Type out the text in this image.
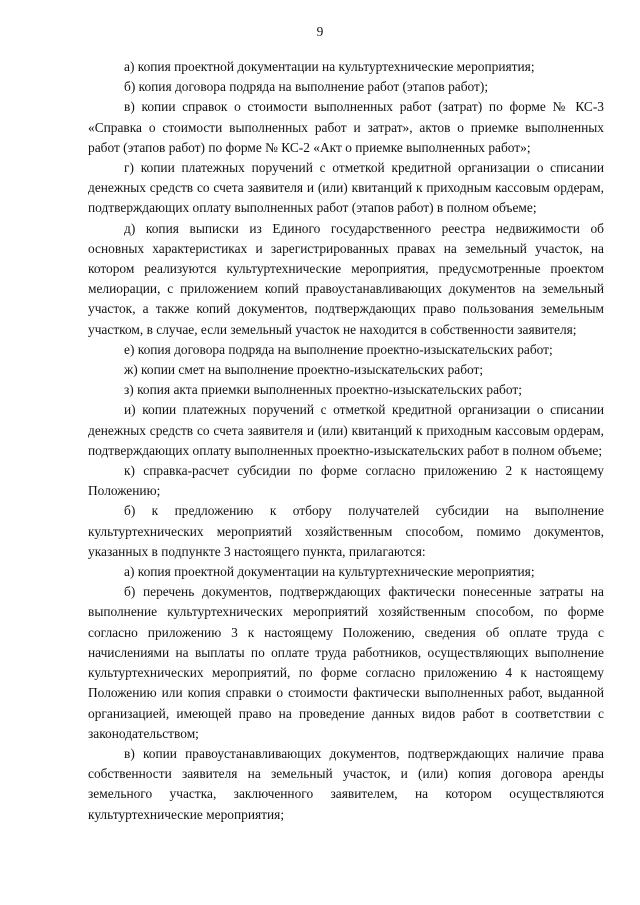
9

а) копия проектной документации на культуртехнические мероприятия;

б) копия договора подряда на выполнение работ (этапов работ);

в) копии справок о стоимости выполненных работ (затрат) по форме № КС-3 «Справка о стоимости выполненных работ и затрат», актов о приемке выполненных работ (этапов работ) по форме № КС-2 «Акт о приемке выполненных работ»;

г) копии платежных поручений с отметкой кредитной организации о списании денежных средств со счета заявителя и (или) квитанций к приходным кассовым ордерам, подтверждающих оплату выполненных работ (этапов работ) в полном объеме;

д) копия выписки из Единого государственного реестра недвижимости об основных характеристиках и зарегистрированных правах на земельный участок, на котором реализуются культуртехнические мероприятия, предусмотренные проектом мелиорации, с приложением копий правоустанавливающих документов на земельный участок, а также копий документов, подтверждающих право пользования земельным участком, в случае, если земельный участок не находится в собственности заявителя;

е) копия договора подряда на выполнение проектно-изыскательских работ;

ж) копии смет на выполнение проектно-изыскательских работ;

з) копия акта приемки выполненных проектно-изыскательских работ;

и) копии платежных поручений с отметкой кредитной организации о списании денежных средств со счета заявителя и (или) квитанций к приходным кассовым ордерам, подтверждающих оплату выполненных проектно-изыскательских работ в полном объеме;

к) справка-расчет субсидии по форме согласно приложению 2 к настоящему Положению;

б) к предложению к отбору получателей субсидии на выполнение культуртехнических мероприятий хозяйственным способом, помимо документов, указанных в подпункте 3 настоящего пункта, прилагаются:

а) копия проектной документации на культуртехнические мероприятия;

б) перечень документов, подтверждающих фактически понесенные затраты на выполнение культуртехнических мероприятий хозяйственным способом, по форме согласно приложению 3 к настоящему Положению, сведения об оплате труда с начислениями на выплаты по оплате труда работников, осуществляющих выполнение культуртехнических мероприятий, по форме согласно приложению 4 к настоящему Положению или копия справки о стоимости фактически выполненных работ, выданной организацией, имеющей право на проведение данных видов работ в соответствии с законодательством;

в) копии правоустанавливающих документов, подтверждающих наличие права собственности заявителя на земельный участок, и (или) копия договора аренды земельного участка, заключенного заявителем, на котором осуществляются культуртехнические мероприятия;
